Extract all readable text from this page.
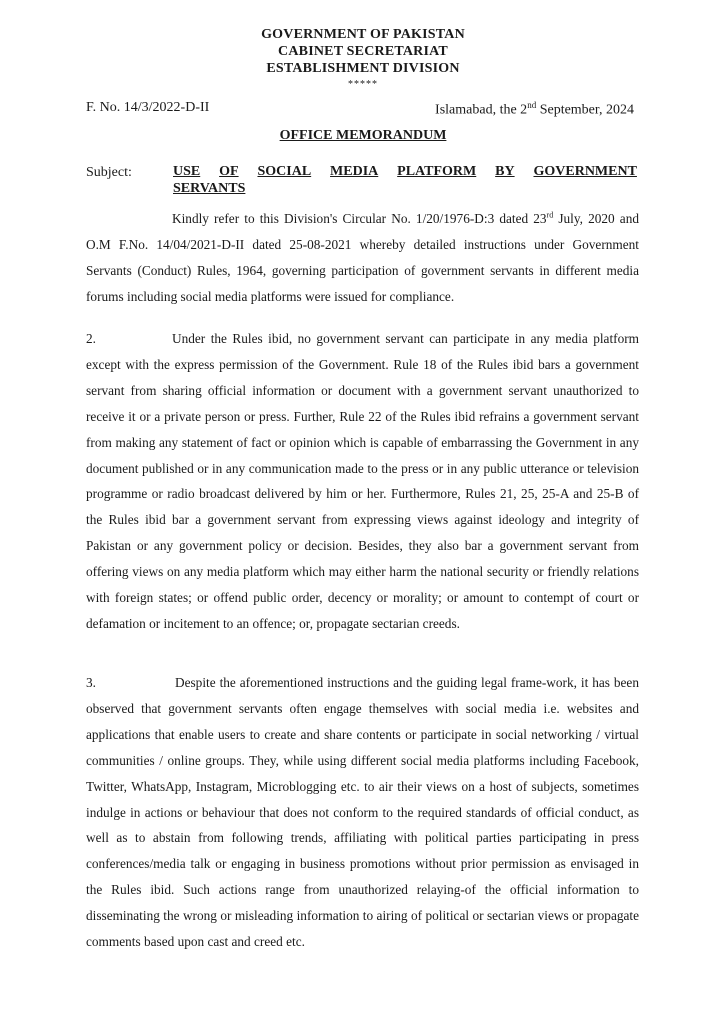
GOVERNMENT OF PAKISTAN
CABINET SECRETARIAT
ESTABLISHMENT DIVISION
*****
F. No. 14/3/2022-D-II	Islamabad, the 2nd September, 2024
OFFICE MEMORANDUM
Subject:	USE OF SOCIAL MEDIA PLATFORM BY GOVERNMENT
SERVANTS

Kindly refer to this Division's Circular No. 1/20/1976-D:3 dated 23rd July, 2020 and O.M F.No. 14/04/2021-D-II dated 25-08-2021 whereby detailed instructions under Government Servants (Conduct) Rules, 1964, governing participation of government servants in different media forums including social media platforms were issued for compliance.

2.	Under the Rules ibid, no government servant can participate in any media platform except with the express permission of the Government. Rule 18 of the Rules ibid bars a government servant from sharing official information or document with a government servant unauthorized to receive it or a private person or press. Further, Rule 22 of the Rules ibid refrains a government servant from making any statement of fact or opinion which is capable of embarrassing the Government in any document published or in any communication made to the press or in any public utterance or television programme or radio broadcast delivered by him or her. Furthermore, Rules 21, 25, 25-A and 25-B of the Rules ibid bar a government servant from expressing views against ideology and integrity of Pakistan or any government policy or decision. Besides, they also bar a government servant from offering views on any media platform which may either harm the national security or friendly relations with foreign states; or offend public order, decency or morality; or amount to contempt of court or defamation or incitement to an offence; or, propagate sectarian creeds.

3.	Despite the aforementioned instructions and the guiding legal frame-work, it has been observed that government servants often engage themselves with social media i.e. websites and applications that enable users to create and share contents or participate in social networking / virtual communities / online groups. They, while using different social media platforms including Facebook, Twitter, WhatsApp, Instagram, Microblogging etc. to air their views on a host of subjects, sometimes indulge in actions or behaviour that does not conform to the required standards of official conduct, as well as to abstain from following trends, affiliating with political parties participating in press conferences/media talk or engaging in business promotions without prior permission as envisaged in the Rules ibid. Such actions range from unauthorized relaying-of the official information to disseminating the wrong or misleading information to airing of political or sectarian views or propagate comments based upon cast and creed etc.
